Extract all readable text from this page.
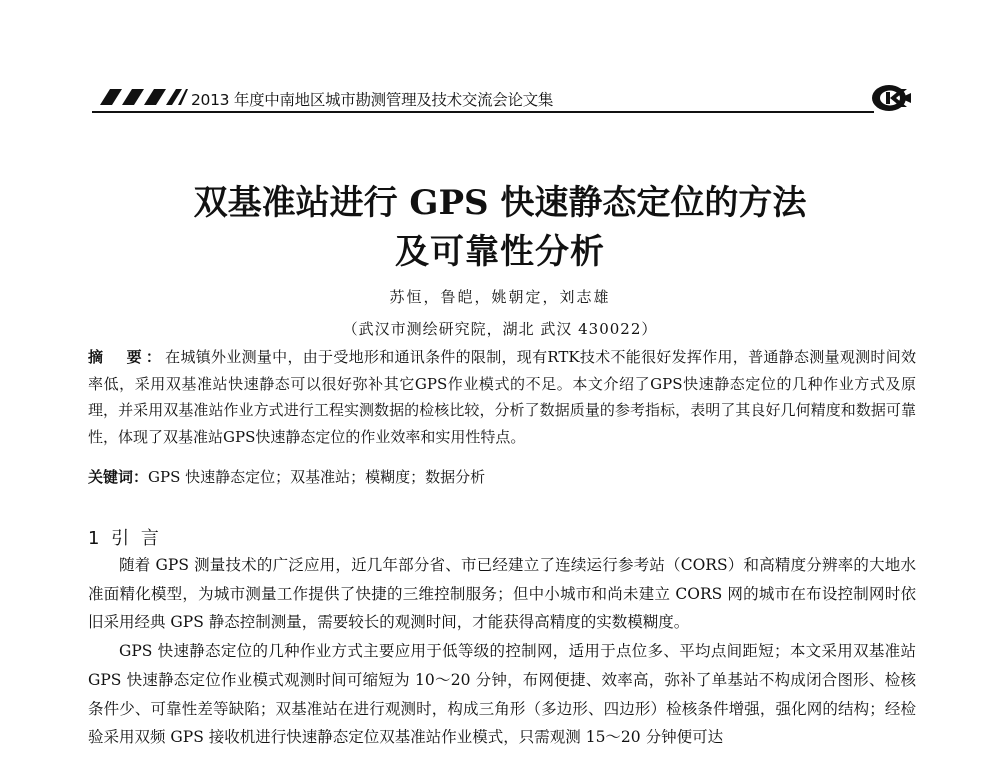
2013 年度中南地区城市勘测管理及技术交流会论文集
双基准站进行 GPS 快速静态定位的方法
及可靠性分析
苏恒，鲁皑，姚朝定，刘志雄
（武汉市测绘研究院，湖北 武汉 430022）

摘　要：在城镇外业测量中，由于受地形和通讯条件的限制，现有RTK技术不能很好发挥作用，普通静态测量观测时间效率低，采用双基准站快速静态可以很好弥补其它GPS作业模式的不足。本文介绍了GPS快速静态定位的几种作业方式及原理，并采用双基准站作业方式进行工程实测数据的检核比较，分析了数据质量的参考指标，表明了其良好几何精度和数据可靠性，体现了双基准站GPS快速静态定位的作业效率和实用性特点。

关键词：GPS 快速静态定位；双基准站；模糊度；数据分析
1 引 言

随着 GPS 测量技术的广泛应用，近几年部分省、市已经建立了连续运行参考站（CORS）和高精度分辨率的大地水准面精化模型，为城市测量工作提供了快捷的三维控制服务；但中小城市和尚未建立 CORS 网的城市在布设控制网时依旧采用经典 GPS 静态控制测量，需要较长的观测时间，才能获得高精度的实数模糊度。

GPS 快速静态定位的几种作业方式主要应用于低等级的控制网，适用于点位多、平均点间距短；本文采用双基准站 GPS 快速静态定位作业模式观测时间可缩短为 10～20 分钟，布网便捷、效率高，弥补了单基站不构成闭合图形、检核条件少、可靠性差等缺陷；双基准站在进行观测时，构成三角形（多边形、四边形）检核条件增强，强化网的结构；经检验采用双频 GPS 接收机进行快速静态定位双基准站作业模式，只需观测 15～20 分钟便可达
